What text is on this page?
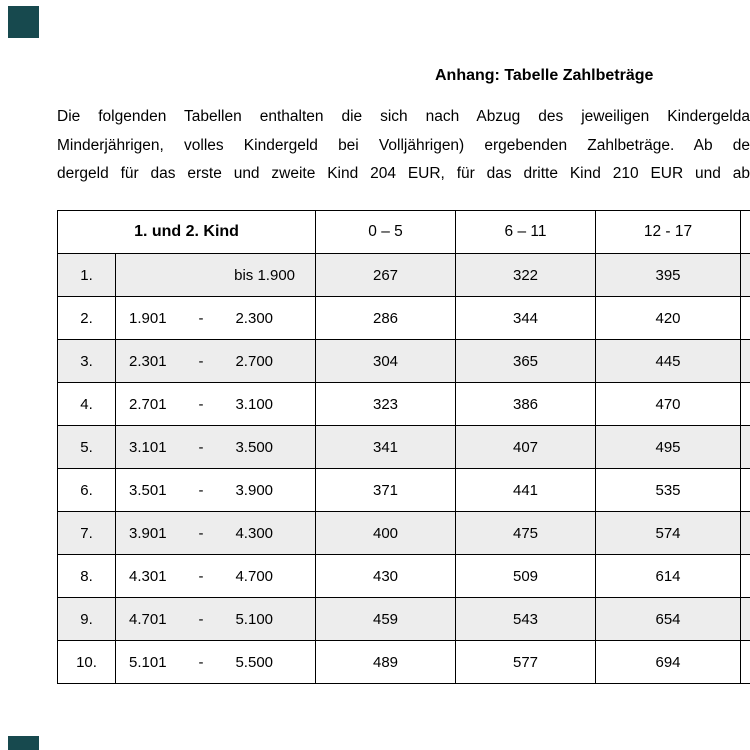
Anhang: Tabelle Zahlbeträge
Die folgenden Tabellen enthalten die sich nach Abzug des jeweiligen Kindergelda
Minderjährigen, volles Kindergeld bei Volljährigen) ergebenden Zahlbeträge. Ab de
dergeld für das erste und zweite Kind 204 EUR, für das dritte Kind 210 EUR und ab
1. und 2. Kind		0 – 5	6 – 11	12 - 17	
1.	bis 1.900	267	322	395	
2.	1.901 - 2.300	286	344	420	
3.	2.301 - 2.700	304	365	445	
4.	2.701 - 3.100	323	386	470	
5.	3.101 - 3.500	341	407	495	
6.	3.501 - 3.900	371	441	535	
7.	3.901 - 4.300	400	475	574	
8.	4.301 - 4.700	430	509	614	
9.	4.701 - 5.100	459	543	654	
10.	5.101 - 5.500	489	577	694	
